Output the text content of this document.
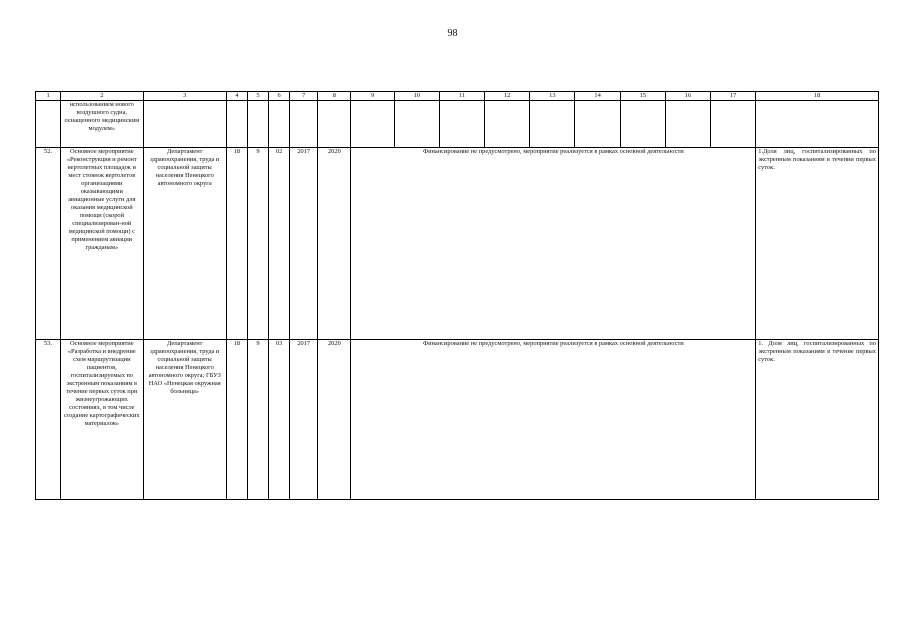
98
1	2	3	4	5	6	7	8	9	10	11	12	13	14	15	16	17	18
	использованием нового воздушного судна, оснащенного медицинским модулем»																
52.	Основное мероприятие «Реконструкция и ремонт вертолетных площадок и мест стоянок вертолетов организациями оказывающими авиационные услуги для оказания медицинской помощи (скорой специализирован-ной медицинской помощи) с применением авиации гражданам»	Департамент здравоохранения, труда и социальной защиты населения Ненецкого автономного округа	18	9	02	2017	2020	Финансирование не предусмотрено, мероприятие реализуется в рамках основной деятельности									1.Доля лиц, госпитализированных по экстренным показаниям в течении первых суток.
53.	Основное мероприятие «Разработка и внедрение схем маршрутизации пациентов, госпитализируемых по экстренным показаниям в течение первых суток при жизнеугрожающих состояниях, в том числе создание картографических материалов»	Департамент здравоохранения, труда и социальной защиты населения Ненецкого автономного округа; ГБУЗ НАО «Ненецкая окружная больница»	18	9	03	2017	2020	Финансирование не предусмотрено, мероприятие реализуется в рамках основной деятельности									1. Доля лиц, госпитализированных по экстренным показаниям в течение первых суток.
